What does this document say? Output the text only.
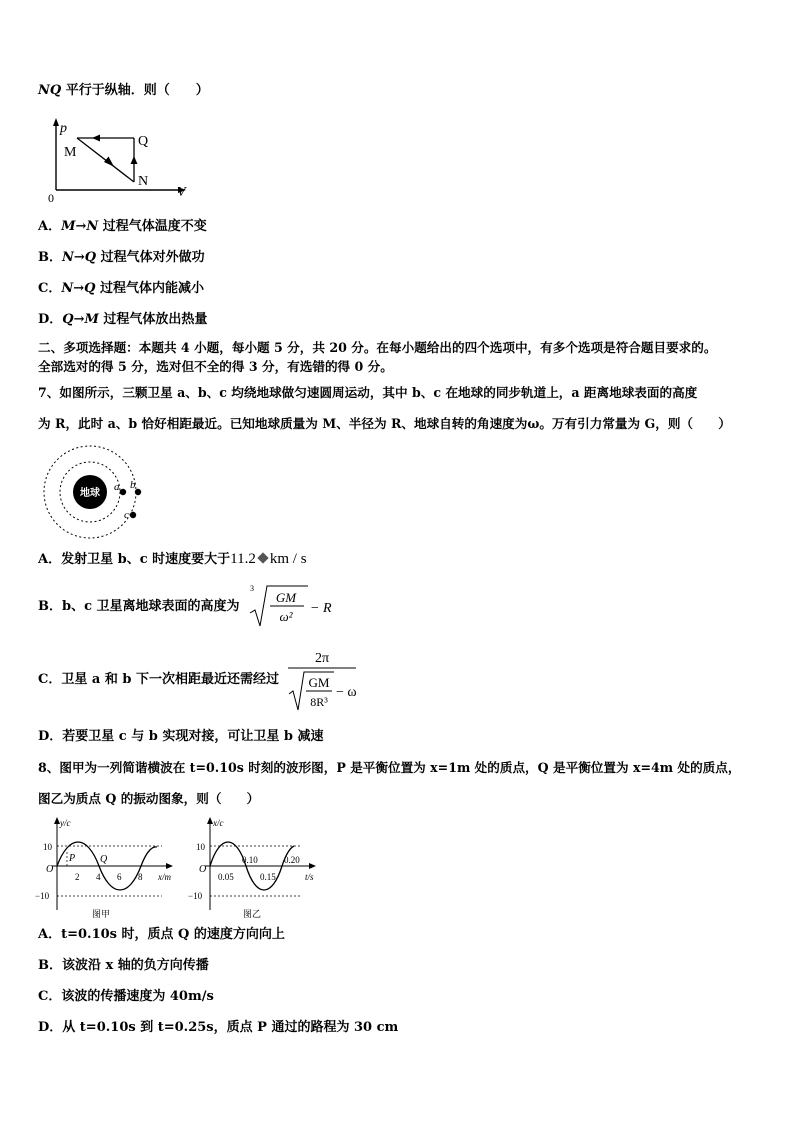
NQ 平行于纵轴．则（　　）
p
V
0
M
Q
N
A．M→N 过程气体温度不变
B．N→Q 过程气体对外做功
C．N→Q 过程气体内能减小
D．Q→M 过程气体放出热量
二、多项选择题：本题共 4 小题，每小题 5 分，共 20 分。在每小题给出的四个选项中，有多个选项是符合题目要求的。
全部选对的得 5 分，选对但不全的得 3 分，有选错的得 0 分。
7、如图所示，三颗卫星 a、b、c 均绕地球做匀速圆周运动，其中 b、c 在地球的同步轨道上，a 距离地球表面的高度
为 R，此时 a、b 恰好相距最近。已知地球质量为 M、半径为 R、地球自转的角速度为ω。万有引力常量为 G，则（　　）
地球
a b
c
A．发射卫星 b、c 时速度要大于11.2 km / s
B．b、c 卫星离地球表面的高度为
3
GM
ω²
− R
C．卫星 a 和 b 下一次相距最近还需经过
2π
GM
8R³
− ω
D．若要卫星 c 与 b 实现对接，可让卫星 b 减速
8、图甲为一列简谐横波在 t=0.10s 时刻的波形图，P 是平衡位置为 x=1m 处的质点，Q 是平衡位置为 x=4m 处的质点，
图乙为质点 Q 的振动图象，则（　　）
y/c
x/m
10
−10
O
P Q
2 4 6 8
图甲
x/c
t/s
10
−10
O
0.05
0.10
0.15
0.20
图乙
A．t=0.10s 时，质点 Q 的速度方向向上
B．该波沿 x 轴的负方向传播
C．该波的传播速度为 40m/s
D．从 t=0.10s 到 t=0.25s，质点 P 通过的路程为 30 cm
